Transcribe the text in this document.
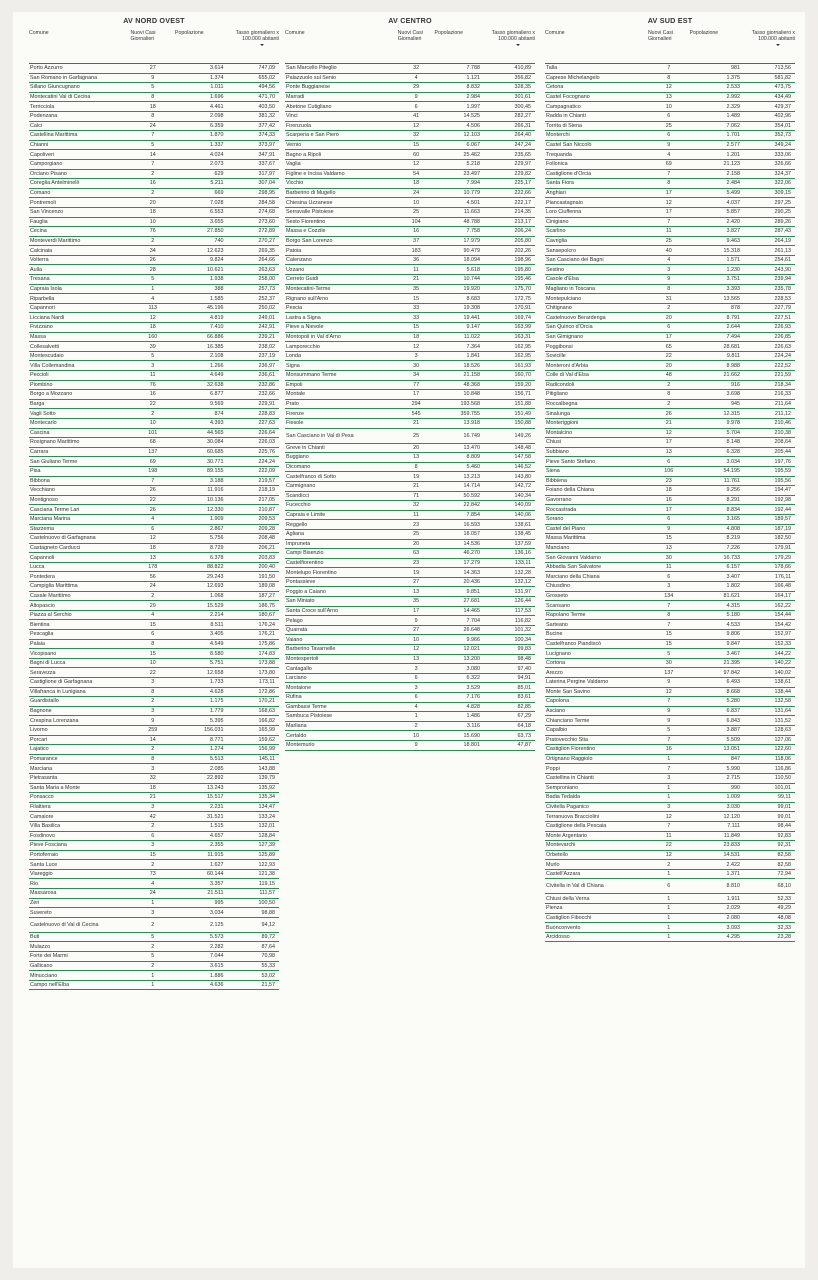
AV NORD OVEST
Comune	Nuovi Casi Giornalieri	Popolazione	Tasso giornaliero x 100.000 abitanti

Porto Azzurro	27	3.614	747,09
San Romano in Garfagnana	9	1.374	655,02
Sillano Giuncugnano	5	1.011	494,56
Montecatini Val di Cecina	8	1.696	471,70
Terricciola	18	4.461	403,50
Podenzana	8	2.098	381,32
Calci	24	6.359	377,42
Castellina Marittima	7	1.870	374,33
Chianni	5	1.337	373,97
Capoliveri	14	4.024	347,91
Camporgiano	7	2.073	337,67
Orciano Pisano	2	629	317,97
Coreglia Antelminelli	16	5.211	307,04
Comano	2	669	298,95
Pontremoli	20	7.028	284,58
San Vincenzo	18	6.553	274,68
Fauglia	10	3.655	273,60
Cecina	76	27.850	272,89
Monteverdi Marittimo	2	740	270,27
Calcinaia	34	12.623	269,35
Volterra	26	9.824	264,66
Aulla	28	10.621	263,63
Tresana	5	1.938	258,00
Capraia Isola	1	388	257,73
Riparbella	4	1.585	252,37
Capannori	113	45.196	250,02
Licciana Nardi	12	4.819	249,01
Fivizzano	18	7.410	242,91
Massa	160	66.886	239,21
Collesalvetti	39	16.385	238,02
Montescudaio	5	2.108	237,19
Villa Collemandina	3	1.266	236,97
Peccioli	11	4.649	236,61
Piombino	76	32.638	232,86
Borgo a Mozzano	16	6.877	232,66
Barga	22	9.569	229,91
Vagli Sotto	2	874	228,83
Montecarlo	10	4.393	227,63
Cascina	101	44.565	226,64
Rosignano Marittimo	68	30.084	226,03
Carrara	137	60.685	225,76
San Giuliano Terme	69	30.771	224,24
Pisa	198	89.155	222,09
Bibbona	7	3.188	219,57
Vecchiano	26	11.916	218,19
Montignoso	22	10.136	217,05
Casciana Terme Lari	26	12.330	210,87
Marciana Marina	4	1.909	209,53
Stazzema	6	2.867	209,28
Castelnuovo di Garfagnana	12	5.756	208,48
Castagneto Carducci	18	8.729	206,21
Capannoli	13	6.378	203,83
Lucca	178	88.822	200,40
Pontedera	56	29.243	191,50
Campiglia Marittima	24	12.693	189,08
Casale Marittimo	2	1.068	187,27
Altopascio	29	15.529	186,75
Piazza al Serchio	4	2.214	180,67
Bientina	15	8.511	176,24
Pescaglia	6	3.405	176,21
Palaia	8	4.549	175,86
Vicopisano	15	8.580	174,83
Bagni di Lucca	10	5.751	173,88
Seravezza	22	12.658	173,80
Castiglione di Garfagnana	3	1.733	173,11
Villafranca in Lunigiana	8	4.628	172,86
Guardistallo	2	1.175	170,21
Bagnone	3	1.779	168,63
Crespina Lorenzana	9	5.395	166,82
Livorno	259	156.031	165,99
Porcari	14	8.771	159,62
Lajatico	2	1.274	156,99
Pomarance	8	5.513	145,11
Marciana	3	2.085	143,88
Pietrasanta	32	22.892	139,79
Santa Maria a Monte	18	13.243	135,92
Ponsacco	21	15.517	135,34
Filattiera	3	2.231	134,47
Camaiore	42	31.521	133,24
Villa Basilica	2	1.515	132,01
Fosdinovo	6	4.657	128,84
Pieve Fosciana	3	2.355	127,39
Portoferraio	15	11.915	125,89
Santa Luce	2	1.627	122,93
Viareggio	73	60.144	121,38
Rio	4	3.357	119,15
Massarosa	24	21.511	111,57
Zeri	1	995	100,50
Suvereto	3	3.034	98,88
Castelnuovo di Val di Cecina	2	2.125	94,12
Buti	5	5.573	89,72
Mulazzo	2	2.282	87,64
Forte dei Marmi	5	7.044	70,98
Gallicano	2	3.615	55,33
Minucciano	1	1.886	53,02
Campo nell'Elba	1	4.636	21,57
AV CENTRO
Comune	Nuovi Casi Giornalieri	Popolazione	Tasso giornaliero x 100.000 abitanti

San Marcello Piteglio	32	7.788	410,89
Palazzuolo sul Senio	4	1.121	356,82
Ponte Buggianese	29	8.832	328,35
Marradi	9	2.984	301,61
Abetone Cutigliano	6	1.997	300,45
Vinci	41	14.525	282,27
Firenzuola	12	4.506	266,31
Scarperia e San Piero	32	12.103	264,40
Vernio	15	6.067	247,24
Bagno a Ripoli	60	25.462	235,65
Vaglia	12	5.218	229,97
Figline e Incisa Valdarno	54	23.497	229,82
Vicchio	18	7.994	225,17
Barberino di Mugello	24	10.779	222,66
Chiesina Uzzanese	10	4.501	222,17
Serravalle Pistoiese	25	11.663	214,35
Sesto Fiorentino	104	48.788	213,17
Massa e Cozzile	16	7.758	206,24
Borgo San Lorenzo	37	17.979	205,80
Patoia	183	90.479	202,26
Calenzano	36	18.094	198,96
Uzzano	11	5.618	195,80
Cerreto Guidi	21	10.744	195,46
Montecatini-Terme	35	19.920	175,70
Rignano sull'Arno	15	8.683	172,75
Pescia	33	19.308	170,91
Lastra a Signa	33	19.441	169,74
Pieve a Nievole	15	9.147	163,99
Montopoli in Val d'Arno	18	11.022	163,31
Lamporecchio	12	7.364	162,95
Londa	3	1.841	162,95
Signa	30	18.526	161,93
Monsummano Terme	34	21.158	160,70
Empoli	77	48.368	159,20
Montale	17	10.848	156,71
Prato	294	193.568	151,88
Firenze	545	359.755	151,49
Fiesole	21	13.918	150,88
San Casciano in Val di Pesa	25	16.749	149,26
Greve in Chianti	20	13.470	148,48
Buggiano	13	8.809	147,58
Dicomano	8	5.460	146,52
Castelfranco di Sotto	19	13.213	143,80
Carmignano	21	14.714	142,72
Scandicci	71	50.592	140,34
Fucecchio	32	22.842	140,09
Capraia e Limite	11	7.854	140,06
Reggello	23	16.593	138,61
Agliana	25	18.057	138,45
Impruneta	20	14.536	137,59
Campi Bisenzio	63	46.270	136,16
Castelfiorentino	23	17.279	133,11
Montelupo Fiorentino	19	14.363	132,28
Pontassieve	27	20.436	132,12
Poggio a Caiano	13	9.851	131,97
San Miniato	35	27.681	126,44
Santa Croce sull'Arno	17	14.465	117,53
Pelago	9	7.704	116,82
Quarrata	27	26.648	101,32
Vaiano	10	9.966	100,34
Barberino Tavarnelle	12	12.021	99,83
Montespertoli	13	13.200	98,48
Cantagallo	3	3.080	97,40
Larciano	6	6.322	94,91
Montaione	3	3.529	85,01
Rufina	6	7.176	83,61
Gambassi Terme	4	4.828	82,85
Sambuca Pistoiese	1	1.486	67,29
Marliana	2	3.116	64,18
Certaldo	10	15.690	63,73
Montemurlo	9	18.801	47,87
AV SUD EST
Comune	Nuovi Casi Giornalieri	Popolazione	Tasso giornaliero x 100.000 abitanti

Talla	7	981	713,56
Caprese Michelangelo	8	1.375	581,82
Cetona	12	2.533	473,75
Castel Focognano	13	2.992	434,49
Campagnatico	10	2.329	429,37
Radda in Chianti	6	1.489	402,96
Torrita di Siena	25	7.062	354,01
Monterchi	6	1.701	352,73
Castel San Niccolò	9	2.577	349,24
Trequanda	4	1.201	333,06
Follonica	69	21.123	326,66
Castiglione d'Orcia	7	2.158	324,37
Santa Fiora	8	2.484	322,06
Anghiari	17	5.499	309,15
Piancastagnaio	12	4.037	297,25
Loro Ciuffenna	17	5.857	290,25
Cinigiano	7	2.420	289,26
Scarlino	11	3.827	287,43
Cavriglia	25	9.463	264,19
Sansepolcro	40	15.318	261,13
San Casciano dei Bagni	4	1.571	254,61
Sestino	3	1.230	243,90
Casole d'Elsa	9	3.751	239,94
Magliano in Toscana	8	3.393	235,78
Montepulciano	31	13.565	228,53
Chitignano	2	878	227,79
Castelnuovo Berardenga	20	8.791	227,51
San Quirico d'Orcia	6	2.644	226,93
San Gimignano	17	7.494	226,85
Poggibonsi	65	28.681	226,63
Sovicille	22	9.811	224,24
Monteroni d'Arbia	20	8.988	222,52
Colle di Val d'Elsa	48	21.662	221,59
Radicondoli	2	916	218,34
Pitigliano	8	3.698	216,33
Roccalbegna	2	945	211,64
Sinalunga	26	12.315	211,12
Monteriggioni	21	9.978	210,46
Montalcino	12	5.704	210,38
Chiusi	17	8.148	208,64
Subbiano	13	6.328	205,44
Pieve Santo Stefano	6	3.034	197,76
Siena	106	54.195	195,59
Bibbiena	23	11.761	195,56
Foiano della Chiana	18	9.256	194,47
Gavorrano	16	8.291	192,98
Roccastrada	17	8.834	192,44
Sorano	6	3.165	189,57
Castel del Piano	9	4.808	187,19
Massa Marittima	15	8.219	182,50
Manciano	13	7.226	179,91
San Giovanni Valdarno	30	16.733	179,29
Abbadia San Salvatore	11	6.157	178,66
Marciano della Chiana	6	3.407	176,11
Chiusdino	3	1.802	166,48
Grosseto	134	81.621	164,17
Scansano	7	4.315	162,22
Rapolano Terme	8	5.180	154,44
Sarteano	7	4.533	154,42
Bucine	15	9.806	152,97
Castelfranco Piandiscò	15	9.847	152,33
Lucignano	5	3.467	144,22
Cortona	30	21.395	140,22
Arezzo	137	97.842	140,02
Laterina Pergine Valdarno	9	6.493	138,61
Monte San Savino	12	8.668	138,44
Capolona	7	5.280	132,58
Asciano	9	6.837	131,64
Chianciano Terme	9	6.843	131,52
Capalbio	5	3.887	128,63
Pratovecchio Stia	7	5.509	127,06
Castiglion Fiorentino	16	13.051	122,60
Ortignano Raggiolo	1	847	118,06
Poppi	7	5.990	116,86
Castellina in Chianti	3	2.715	110,50
Semproniano	1	990	101,01
Badia Tedalda	1	1.009	99,11
Civitella Paganico	3	3.030	99,01
Terranuova Bracciolini	12	12.120	99,01
Castiglione della Pescaia	7	7.111	98,44
Monte Argentario	11	11.849	92,83
Montevarchi	22	23.833	92,31
Orbetello	12	14.531	82,58
Murlo	2	2.422	82,58
Castell'Azzara	1	1.371	72,94
Civitella in Val di Chiana	6	8.810	68,10
Chiusi della Verna	1	1.911	52,33
Pienza	1	2.029	49,29
Castiglion Fibocchi	1	2.080	48,08
Buonconvento	1	3.093	32,33
Arcidosso	1	4.295	23,28
